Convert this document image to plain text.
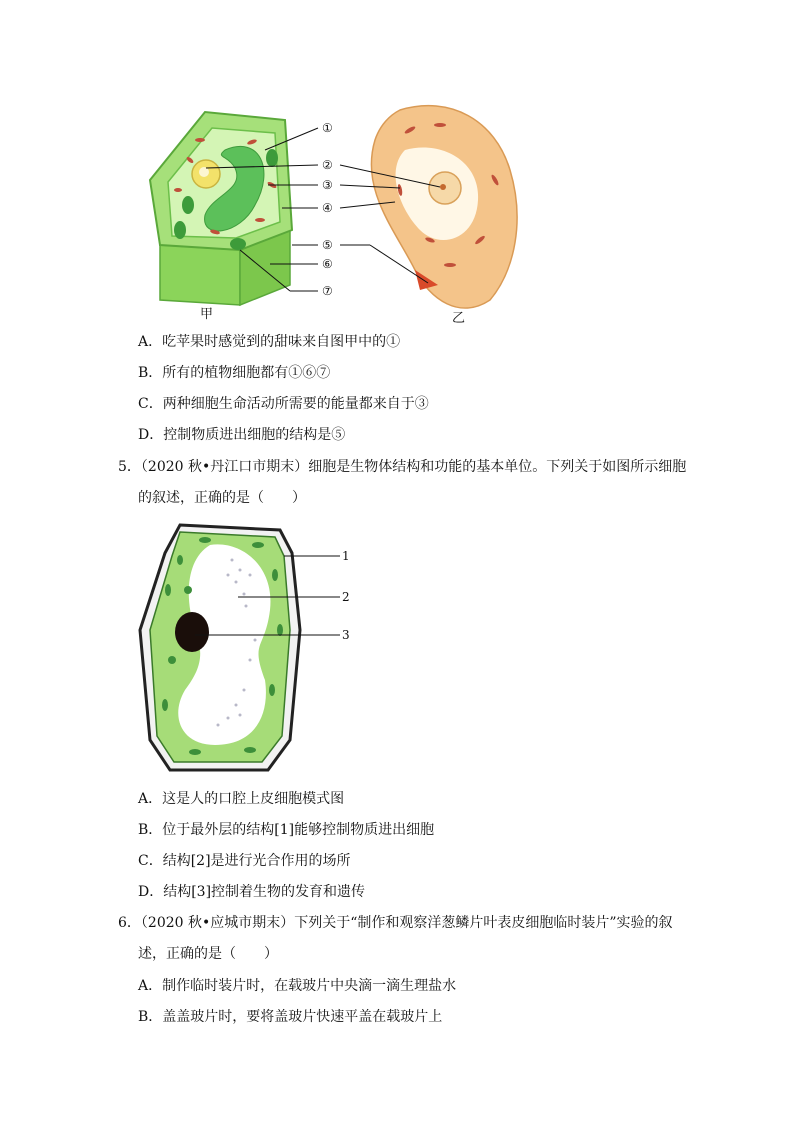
①
②
③
④
⑤
⑥
⑦
甲	乙
A．吃苹果时感觉到的甜味来自图甲中的①
B．所有的植物细胞都有①⑥⑦
C．两种细胞生命活动所需要的能量都来自于③
D．控制物质进出细胞的结构是⑤
5．（2020 秋•丹江口市期末）细胞是生物体结构和功能的基本单位。下列关于如图所示细胞
的叙述，正确的是（　　）
1
2
3
A．这是人的口腔上皮细胞模式图
B．位于最外层的结构[1]能够控制物质进出细胞
C．结构[2]是进行光合作用的场所
D．结构[3]控制着生物的发育和遗传
6．（2020 秋•应城市期末）下列关于“制作和观察洋葱鳞片叶表皮细胞临时装片”实验的叙
述，正确的是（　　）
A．制作临时装片时，在载玻片中央滴一滴生理盐水
B．盖盖玻片时，要将盖玻片快速平盖在载玻片上
